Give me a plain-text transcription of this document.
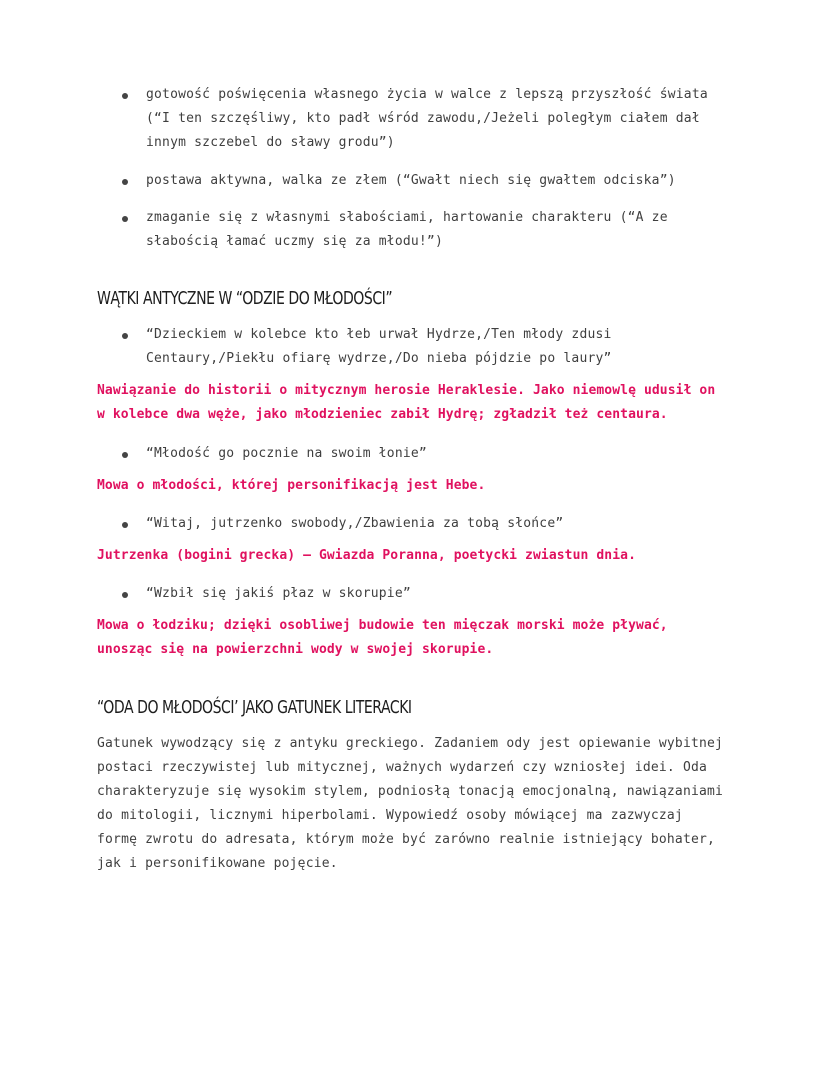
gotowość poświęcenia własnego życia w walce z lepszą przyszłość świata
(“I ten szczęśliwy, kto padł wśród zawodu,/Jeżeli poległym ciałem dał
innym szczebel do sławy grodu”)
postawa aktywna, walka ze złem (“Gwałt niech się gwałtem odciska”)
zmaganie się z własnymi słabościami, hartowanie charakteru (“A ze
słabością łamać uczmy się za młodu!”)
WĄTKI ANTYCZNE W “ODZIE DO MŁODOŚCI”
“Dzieckiem w kolebce kto łeb urwał Hydrze,/Ten młody zdusi
Centaury,/Piekłu ofiarę wydrze,/Do nieba pójdzie po laury”
Nawiązanie do historii o mitycznym herosie Heraklesie. Jako niemowlę udusił on
w kolebce dwa węże, jako młodzieniec zabił Hydrę; zgładził też centaura.
“Młodość go pocznie na swoim łonie”
Mowa o młodości, której personifikacją jest Hebe.
“Witaj, jutrzenko swobody,/Zbawienia za tobą słońce”
Jutrzenka (bogini grecka) – Gwiazda Poranna, poetycki zwiastun dnia.
“Wzbił się jakiś płaz w skorupie”
Mowa o łodziku; dzięki osobliwej budowie ten mięczak morski może pływać,
unosząc się na powierzchni wody w swojej skorupie.
“ODA DO MŁODOŚCI’ JAKO GATUNEK LITERACKI
Gatunek wywodzący się z antyku greckiego. Zadaniem ody jest opiewanie wybitnej
postaci rzeczywistej lub mitycznej, ważnych wydarzeń czy wzniosłej idei. Oda
charakteryzuje się wysokim stylem, podniosłą tonacją emocjonalną, nawiązaniami
do mitologii, licznymi hiperbolami. Wypowiedź osoby mówiącej ma zazwyczaj
formę zwrotu do adresata, którym może być zarówno realnie istniejący bohater,
jak i personifikowane pojęcie.
